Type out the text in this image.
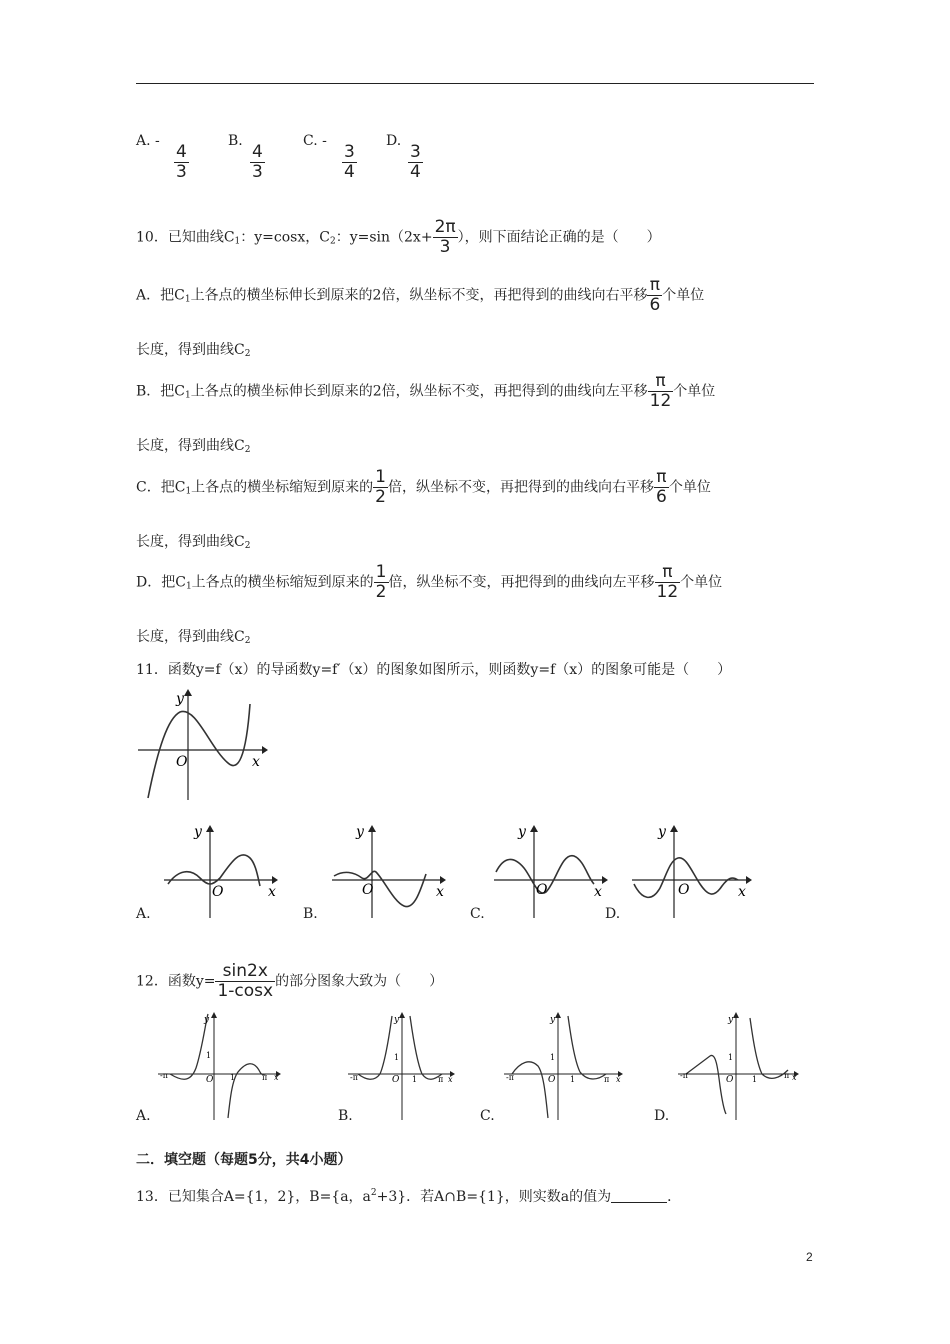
A. -
$\frac{4}{3}$
B.
$\frac{4}{3}$
C. -
$\frac{3}{4}$
D.
$\frac{3}{4}$
10．已知曲线$C_1$：y=cosx，$C_2$：$y=\sin(2x+ \frac{2\pi}{3}$ ），则下面结论正确的是（　　）
A．把$C_1$上各点的横坐标伸长到原来的2倍，纵坐标不变，再把得到的曲线向右平移 $\frac{\pi}{6}$ 个单位
长度，得到曲线$C_2$
B．把$C_1$上各点的横坐标伸长到原来的2倍，纵坐标不变，再把得到的曲线向左平移 $\frac{\pi}{12}$ 个单位
长度，得到曲线$C_2$
C．把$C_1$上各点的横坐标缩短到原来的 $\frac{1}{2}$ 倍，纵坐标不变，再把得到的曲线向右平移 $\frac{\pi}{6}$ 个单位
长度，得到曲线$C_2$
D．把$C_1$上各点的横坐标缩短到原来的 $\frac{1}{2}$ 倍，纵坐标不变，再把得到的曲线向左平移 $\frac{\pi}{12}$ 个单位
长度，得到曲线$C_2$
11．函数y=f（x）的导函数y=f′（x）的图象如图所示，则函数y=f（x）的图象可能是（　　）
y
x
O
y
x
O
A.
y
x
O
B.
y
x
O
C.
y
x
O
D.
12．函数$y= \frac{\sin 2x}{1-\cos x}$ 的部分图象大致为（　　）
-π	π
1
1
O
y
x
A.
-π	π
1
1
O
y
x
B.
-π	π
1
1
O
y
x
C.
-π	π
1
1
O
y
x
D.
二．填空题（每题5分，共4小题）
13．已知集合A={1，2}，B={a，$a^2+3$}．若A∩B={1}，则实数a的值为	．
2
